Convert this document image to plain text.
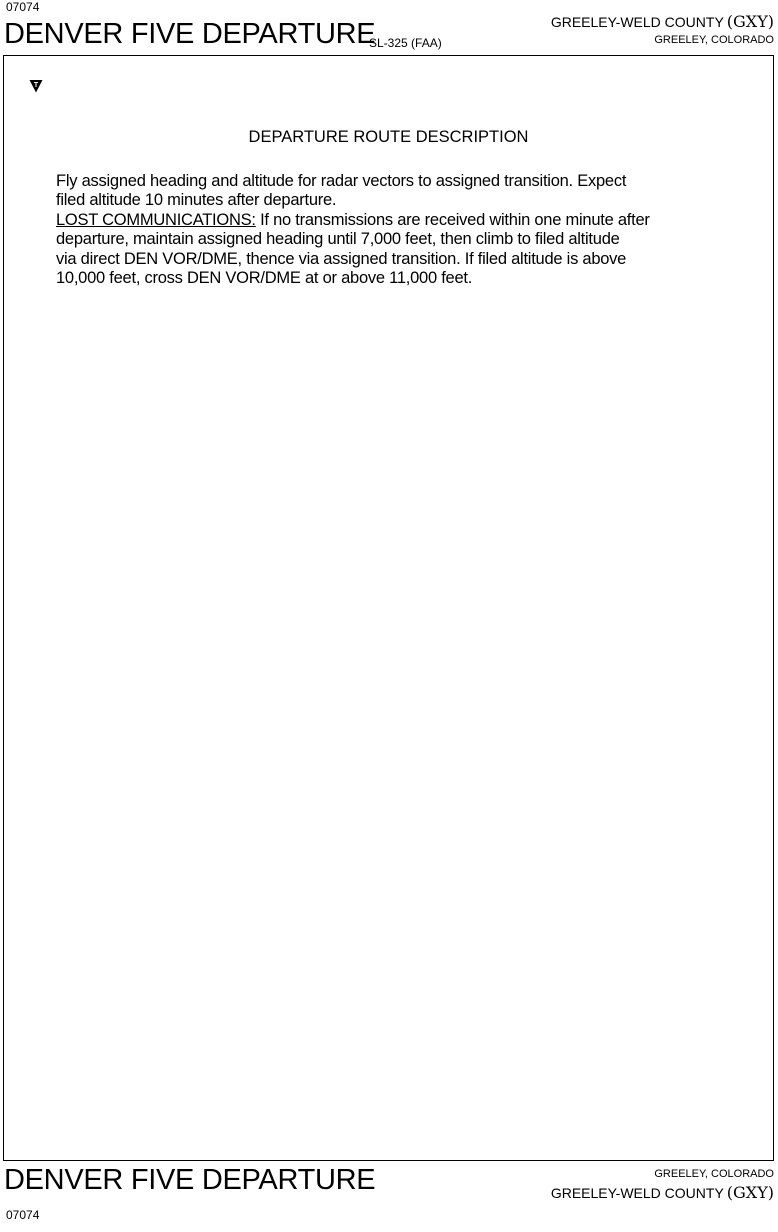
07074
DENVER FIVE DEPARTURE
SL-325 (FAA)
GREELEY-WELD COUNTY (GXY)
GREELEY, COLORADO
T
DEPARTURE ROUTE DESCRIPTION
Fly assigned heading and altitude for radar vectors to assigned transition. Expect
filed altitude 10 minutes after departure.
LOST COMMUNICATIONS: If no transmissions are received within one minute after
departure, maintain assigned heading until 7,000 feet, then climb to filed altitude
via direct DEN VOR/DME, thence via assigned transition. If filed altitude is above
10,000 feet, cross DEN VOR/DME at or above 11,000 feet.
DENVER FIVE DEPARTURE	GREELEY, COLORADO
GREELEY-WELD COUNTY (GXY)
07074
